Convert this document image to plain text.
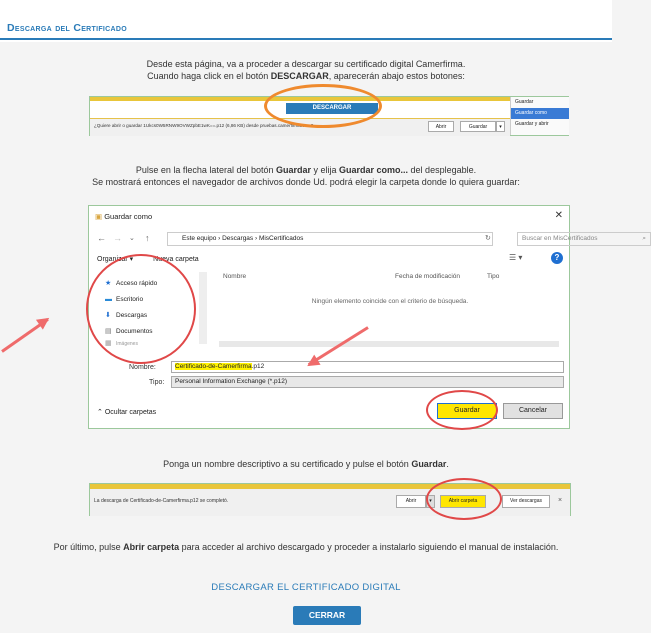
Descarga del Certificado
Desde esta página, va a proceder a descargar su certificado digital Camerfirma.
Cuando haga click en el botón DESCARGAR, aparecerán abajo estos botones:
DESCARGAR
¿Quiere abrir o guardar 1Ukcs0W5RNW9OVWZpbE1wK==.p12 (6,86 KB) desde pruebas.camerfirma.com?	Abrir	Guardar	▾
Guardar
Guardar como
Guardar y abrir
Pulse en la flecha lateral del botón Guardar y elija Guardar como... del desplegable.
Se mostrará entonces el navegador de archivos donde Ud. podrá elegir la carpeta donde lo quiera guardar:
▣ Guardar como	✕
← → ⌄ ↑	Este equipo › Descargas › MisCertificados	↻	Buscar en MisCertificados	⌕
Organizar ▾	Nueva carpeta	☰ ▾	?
★ Acceso rápido
▬ Escritorio
⬇ Descargas
▤ Documentos
▦ Imágenes
Nombre	Fecha de modificación	Tipo
Ningún elemento coincide con el criterio de búsqueda.
Nombre:	Certificado-de-Camerfirma.p12
Tipo:	Personal Information Exchange (*.p12)
⌃ Ocultar carpetas	Guardar	Cancelar
Ponga un nombre descriptivo a su certificado y pulse el botón Guardar.
La descarga de Certificado-de-Camerfirma.p12 se completó.	Abrir	▾	Abrir carpeta	Ver descargas	×
Por último, pulse Abrir carpeta para acceder al archivo descargado y proceder a instalarlo siguiendo el manual de instalación.
DESCARGAR EL CERTIFICADO DIGITAL
CERRAR
